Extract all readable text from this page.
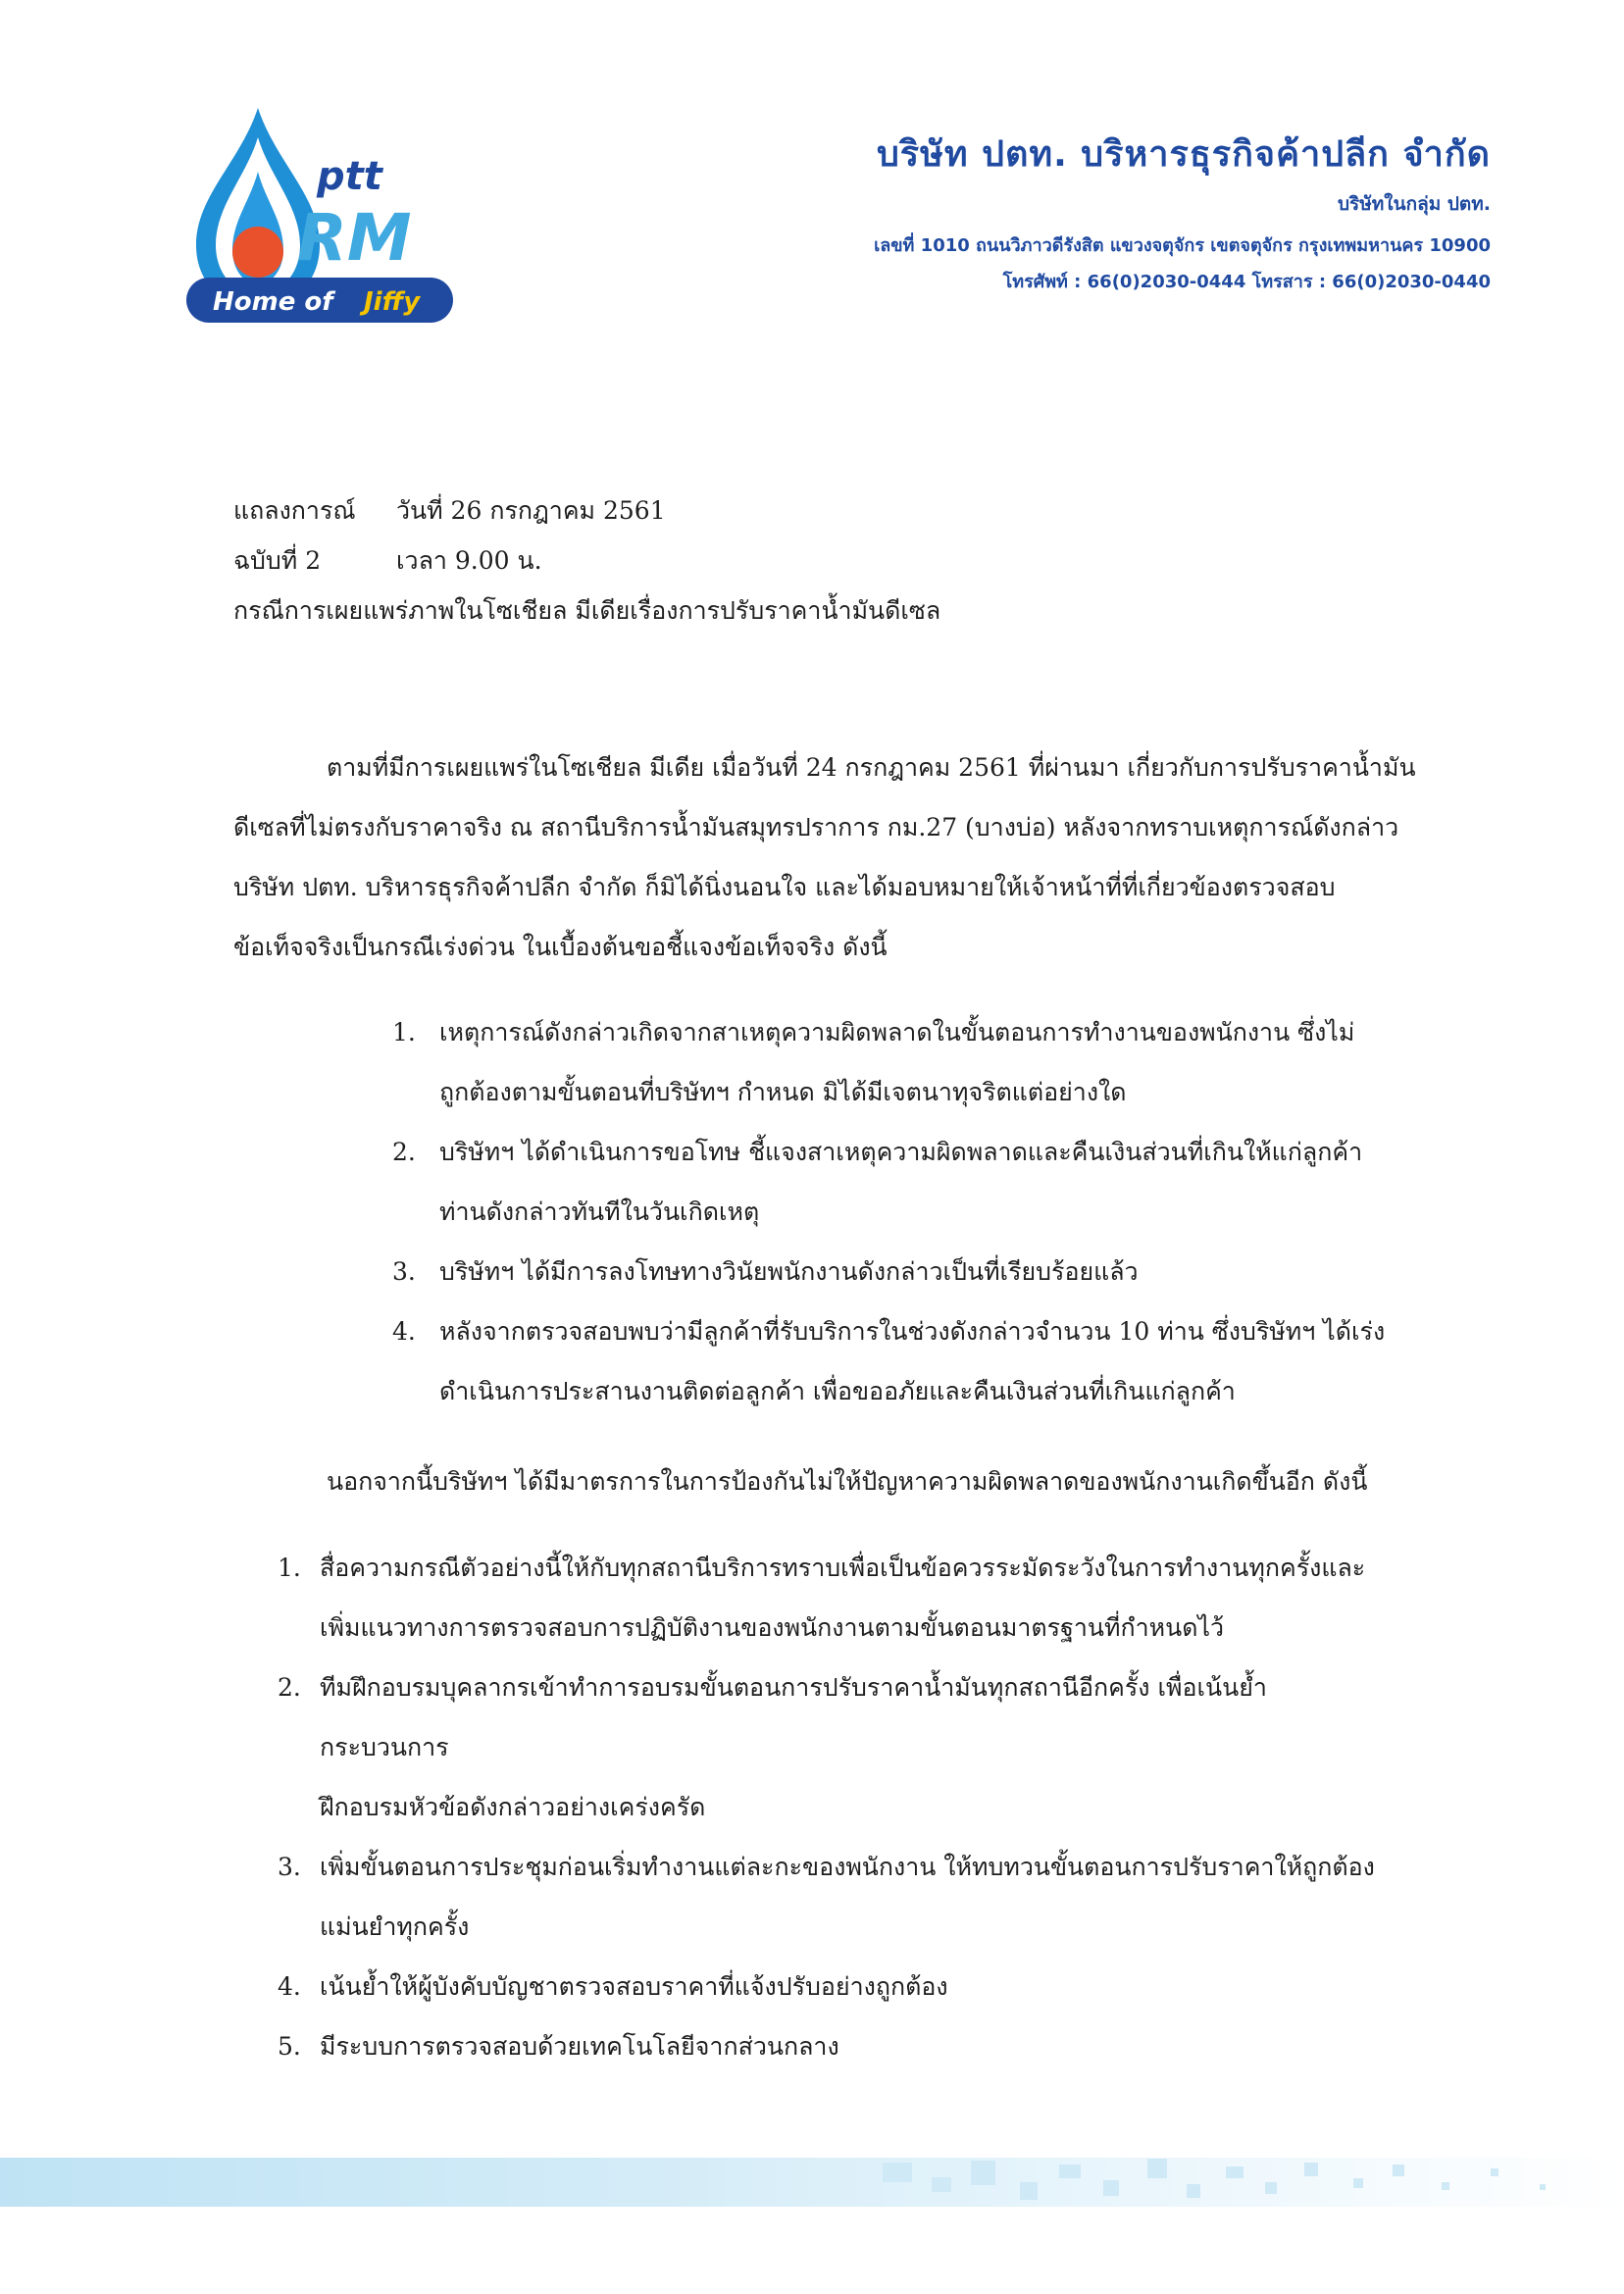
ptt
RM
Home of Jiffy
บริษัท ปตท. บริหารธุรกิจค้าปลีก จำกัด
บริษัทในกลุ่ม ปตท.
เลขที่ 1010 ถนนวิภาวดีรังสิต แขวงจตุจักร เขตจตุจักร กรุงเทพมหานคร 10900
โทรศัพท์ : 66(0)2030-0444 โทรสาร : 66(0)2030-0440
แถลงการณ์ วันที่ 26 กรกฎาคม 2561
ฉบับที่ 2	เวลา 9.00 น.
กรณีการเผยแพร่ภาพในโซเชียล มีเดียเรื่องการปรับราคาน้ำมันดีเซล
ตามที่มีการเผยแพร่ในโซเชียล มีเดีย เมื่อวันที่ 24 กรกฎาคม 2561 ที่ผ่านมา เกี่ยวกับการปรับราคาน้ำมัน
ดีเซลที่ไม่ตรงกับราคาจริง ณ สถานีบริการน้ำมันสมุทรปราการ กม.27 (บางบ่อ) หลังจากทราบเหตุการณ์ดังกล่าว
บริษัท ปตท. บริหารธุรกิจค้าปลีก จำกัด ก็มิได้นิ่งนอนใจ และได้มอบหมายให้เจ้าหน้าที่ที่เกี่ยวข้องตรวจสอบ
ข้อเท็จจริงเป็นกรณีเร่งด่วน ในเบื้องต้นขอชี้แจงข้อเท็จจริง ดังนี้
1. เหตุการณ์ดังกล่าวเกิดจากสาเหตุความผิดพลาดในขั้นตอนการทำงานของพนักงาน ซึ่งไม่
ถูกต้องตามขั้นตอนที่บริษัทฯ กำหนด มิได้มีเจตนาทุจริตแต่อย่างใด
2. บริษัทฯ ได้ดำเนินการขอโทษ ชี้แจงสาเหตุความผิดพลาดและคืนเงินส่วนที่เกินให้แก่ลูกค้า
ท่านดังกล่าวทันทีในวันเกิดเหตุ
3. บริษัทฯ ได้มีการลงโทษทางวินัยพนักงานดังกล่าวเป็นที่เรียบร้อยแล้ว
4. หลังจากตรวจสอบพบว่ามีลูกค้าที่รับบริการในช่วงดังกล่าวจำนวน 10 ท่าน ซึ่งบริษัทฯ ได้เร่ง
ดำเนินการประสานงานติดต่อลูกค้า เพื่อขออภัยและคืนเงินส่วนที่เกินแก่ลูกค้า
นอกจากนี้บริษัทฯ ได้มีมาตรการในการป้องกันไม่ให้ปัญหาความผิดพลาดของพนักงานเกิดขึ้นอีก ดังนี้
1. สื่อความกรณีตัวอย่างนี้ให้กับทุกสถานีบริการทราบเพื่อเป็นข้อควรระมัดระวังในการทำงานทุกครั้งและ
เพิ่มแนวทางการตรวจสอบการปฏิบัติงานของพนักงานตามขั้นตอนมาตรฐานที่กำหนดไว้
2. ทีมฝึกอบรมบุคลากรเข้าทำการอบรมขั้นตอนการปรับราคาน้ำมันทุกสถานีอีกครั้ง เพื่อเน้นย้ำกระบวนการ
ฝึกอบรมหัวข้อดังกล่าวอย่างเคร่งครัด
3. เพิ่มขั้นตอนการประชุมก่อนเริ่มทำงานแต่ละกะของพนักงาน ให้ทบทวนขั้นตอนการปรับราคาให้ถูกต้อง
แม่นยำทุกครั้ง
4. เน้นย้ำให้ผู้บังคับบัญชาตรวจสอบราคาที่แจ้งปรับอย่างถูกต้อง
5. มีระบบการตรวจสอบด้วยเทคโนโลยีจากส่วนกลาง
